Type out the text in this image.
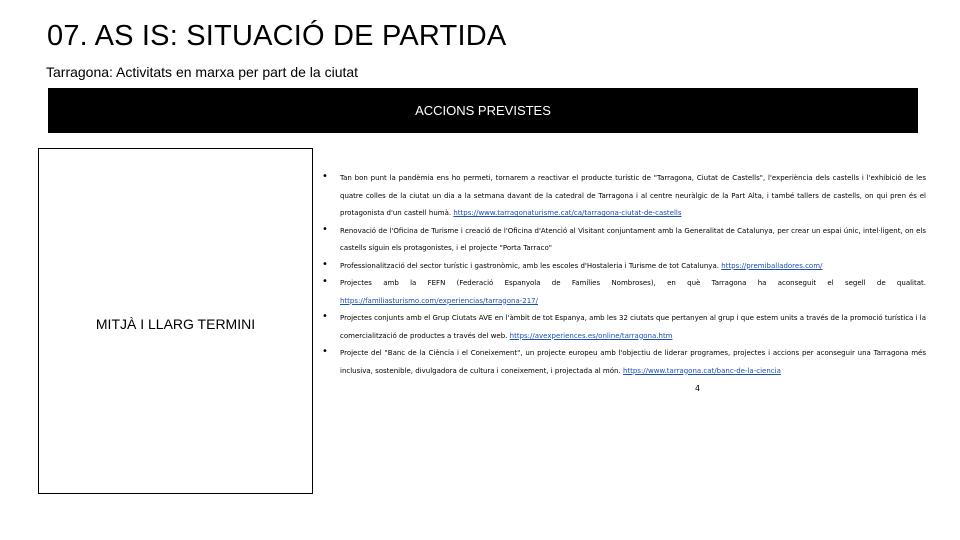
07. AS IS: SITUACIÓ DE PARTIDA
Tarragona: Activitats en marxa per part de la ciutat
ACCIONS PREVISTES
MITJÀ I LLARG TERMINI
• Tan bon punt la pandèmia ens ho permeti, tornarem a reactivar el producte turístic de "Tarragona, Ciutat de Castells", l'experiència dels castells i l'exhibició de les quatre colles de la ciutat un dia a la setmana davant de la catedral de Tarragona i al centre neuràlgic de la Part Alta, i també tallers de castells, on qui pren és el protagonista d'un castell humà. https://www.tarragonaturisme.cat/ca/tarragona-ciutat-de-castells
• Renovació de l'Oficina de Turisme i creació de l'Oficina d'Atenció al Visitant conjuntament amb la Generalitat de Catalunya, per crear un espai únic, intel·ligent, on els castells siguin els protagonistes, i el projecte "Porta Tarraco"
• Professionalització del sector turístic i gastronòmic, amb les escoles d'Hostaleria i Turisme de tot Catalunya. https://premiballadores.com/
• Projectes amb la FEFN (Federació Espanyola de Famílies Nombroses), en què Tarragona ha aconseguit el segell de qualitat. https://familiasturismo.com/experiencias/tarragona-217/
• Projectes conjunts amb el Grup Ciutats AVE en l'àmbit de tot Espanya, amb les 32 ciutats que pertanyen al grup i que estem units a través de la promoció turística i la comercialització de productes a través del web. https://avexperiences.es/online/tarragona.htm
• Projecte del "Banc de la Ciència i el Coneixement", un projecte europeu amb l'objectiu de liderar programes, projectes i accions per aconseguir una Tarragona més inclusiva, sostenible, divulgadora de cultura i coneixement, i projectada al món. https://www.tarragona.cat/banc-de-la-ciencia
4
